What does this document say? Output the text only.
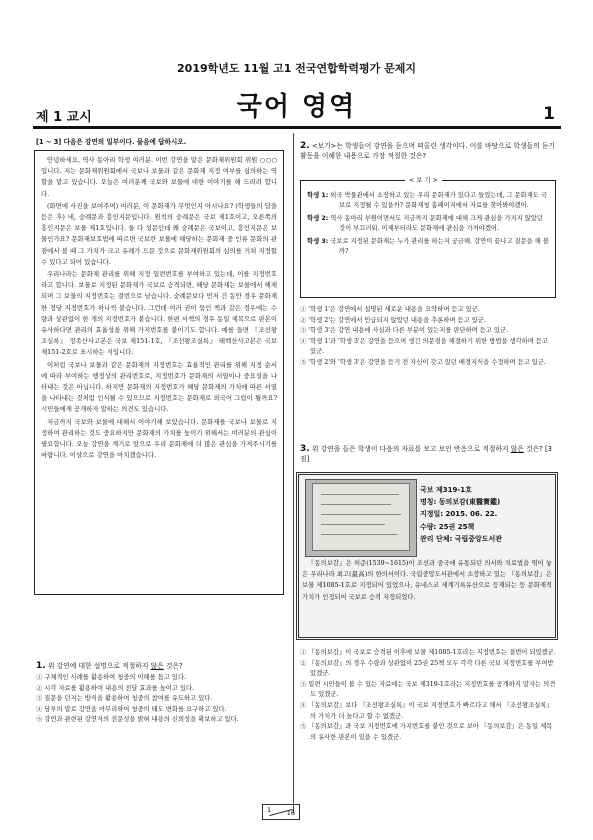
2019학년도 11월 고1 전국연합학력평가 문제지
국어 영역
제 1 교시	1
[1 ~ 3] 다음은 강연의 일부이다. 물음에 답하시오.

안녕하세요, 역사 동아리 학생 여러분. 이번 강연을 맡은 문화재위원회 위원 ○○○입니다. 저는 문화재위원회에서 국보나 보물과 같은 문화재 지정 여부를 심의하는 역할을 맡고 있습니다. 오늘은 여러분께 국보와 보물에 대한 이야기를 해 드리려 합니다.

(화면에 사진을 보여주며) 여러분, 이 문화재가 무엇인지 아시나요? (학생들의 답을 듣은 후) 네, 숭례문과 흥인지문입니다. 원칙의 숭례문은 국보 제1호이고, 오른쪽의 흥인지문은 보물 제1호입니다. 둘 다 성문인데 왜 숭례문은 국보이고, 흥인지문은 보물인가요? 문화재보호법에 따르면 국보란 보물에 해당하는 문화재 중 인류 문화의 관점에서 볼 때 그 가치가 크고 유례가 드문 것으로 문화재위원회의 심의를 거쳐 지정할 수 있다고 되어 있습니다.

우리나라는 문화재 관리를 위해 지정 일련번호를 부여하고 있는데, 이를 지정번호라고 합니다. 보물로 지정된 문화재가 국보로 승격되면, 해당 문화재는 보물에서 해제되며 그 보물의 지정번호는 결번으로 남습니다. 숭례문보다 먼저 건 동안 경우 문화재 한 정당 지정번호가 하나씩 붙습니다. 그런데 여러 권이 묶인 책과 같은 경우에는 수량과 상관없이 한 개의 지정번호가 붙습니다. 한편 서책의 경우 동일 제목으로 판본이 유사하다면 관리의 효율성을 위해 가지번호를 붙이기도 합니다. 예를 들면 『조선왕조실록』 정족산사고본은 국보 제151-1호, 『조선왕조실록』 태백산사고본은 국보 제151-2호로 표시하는 식입니다.

이처럼 국보나 보물과 같은 문화재의 지정번호는 효율적인 관리를 위해 지정 순서에 따라 부여하는 행정상의 관리번호로, 지정번호가 문화재의 서열이나 중요성을 나타내는 것은 아닙니다. 하지만 문화재의 지정번호가 해당 문화재의 가치에 따른 서열을 나타내는 것처럼 인식될 수 있으므로 지정번호는 문화재로 외국어 그림이 될까요? 시민들에게 공개하자 말하는 의견도 있습니다.

지금까지 국보와 보물에 대해서 이야기해 보았습니다. 문화재를 국보나 보물로 지정하여 관리하는 것도 중요하지만 문화재의 가치를 높이기 위해서는 여러분의 관심이 필요합니다. 오늘 강연을 계기로 앞으로 우리 문화재에 더 많은 관심을 가져주시기를 바랍니다. 이상으로 강연을 마치겠습니다.

1. 위 강연에 대한 설명으로 적절하지 않은 것은?

① 구체적인 사례를 활용하여 청중의 이해를 돕고 있다.

② 시각 자료를 활용하여 내용의 전달 효과를 높이고 있다.

③ 질문을 던지는 방식을 활용하여 청중의 참여를 유도하고 있다.

④ 당부의 말로 강연을 마무리하여 청중의 태도 변화를 요구하고 있다.

⑤ 강연과 관련된 강연자의 전문성을 밝혀 내용의 신뢰성을 확보하고 있다.

2. <보기>는 학생들이 강연을 듣으며 떠올린 생각이다. 이를 바탕으로 학생들의 듣기 활동을 이해한 내용으로 가장 적절한 것은?

학생 1: 외국 박물관에서 소장하고 있는 우리 문화재가 있다고 들었는데, 그 문화재도 국보로 지정될 수 있을까? 문화재청 홈페이지에서 자료를 찾아봐야겠어.

학생 2: 역사 동아리 부원이면서도 지금까지 문화재에 대해 크게 관심을 가지지 않았던 것이 부끄러워. 이제부터라도 문화재에 관심을 가져야겠어.

학생 3: 국보로 지정된 문화재는 누가 관리를 하는지 궁금해. 강연이 끝나고 질문을 해 볼까?

< 보 기 >

① '학생 1'은 강연에서 설명된 새로운 내용을 요약하며 듣고 있군.

② '학생 2'는 강연에서 언급되지 않았던 내용을 추론하며 듣고 있군.

③ '학생 3'은 강연 내용에 사실과 다른 부분이 있는지를 판단하며 듣고 있군.

④ '학생 1'과 '학생 3'은 강연을 듣으며 생긴 의문점을 해결하기 위한 방법을 생각하며 듣고 있군.

⑤ '학생 2'와 '학생 3'은 강연을 듣기 전 자신이 갖고 있던 배경지식을 수정하며 듣고 있군.

3. 위 강연을 들은 학생이 다음의 자료를 보고 보인 반응으로 적절하지 않은 것은? [3점]
국보 제319-1호
명칭: 동의보감(東醫寶鑑)
지정일: 2015. 06. 22.
수량: 25권 25책
관리 단체: 국립중앙도서관
『동의보감』은 허준(1539~1615)이 조선과 중국에 유통되던 의서와 치료법을 엮어 놓은 우리나라 최고(最高)의 한의서이다. 국립중앙도서관에서 소장하고 있는 『동의보감』은 보물 제1085-1호로 지정되어 있었으나, 유네스코 세계기록유산으로 등재되는 등 문화재적 가치가 인정되어 국보로 승격 지정되었다.

① 『동의보감』이 국보로 승격된 이후에 보물 제1085-1호라는 지정번호는 결번이 되었겠군.

② 『동의보감』의 경우 수량과 상관없이 25권 25책 모두 각각 다른 국보 지정번호를 부여받았겠군.

③ 일련 시민들이 볼 수 있는 자료에는 국보 제319-1호라는 지정번호를 공개하지 말자는 의견도 있겠군.

④ 『동의보감』보다 『조선왕조실록』이 국보 지정번호가 빠르다고 해서 『조선왕조실록』의 가치가 더 높다고 할 수 없겠군.

⑤ 『동의보감』과 국보 지정번호에 가지번호를 붙인 것으로 보아 『동의보감』은 동일 제목의 유사한 판본이 있을 수 있겠군.

1 16
